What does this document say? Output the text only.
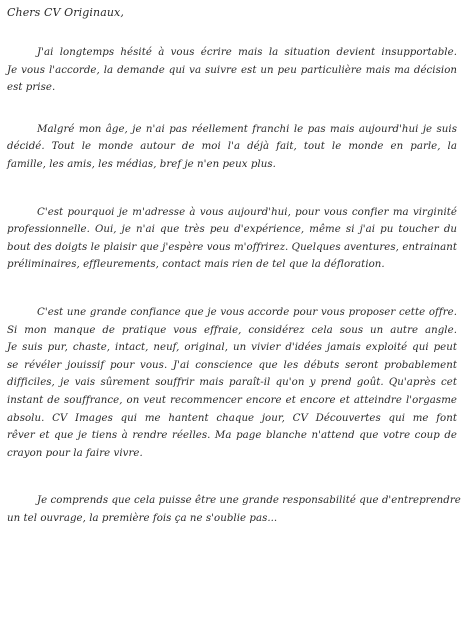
Chers CV Originaux,
J'ai longtemps hésité à vous écrire mais la situation devient insupportable.
Je vous l'accorde, la demande qui va suivre est un peu particulière mais ma décision
est prise.
Malgré mon âge, je n'ai pas réellement franchi le pas mais aujourd'hui je suis
décidé. Tout le monde autour de moi l'a déjà fait, tout le monde en parle, la
famille, les amis, les médias, bref je n'en peux plus.
C'est pourquoi je m'adresse à vous aujourd'hui, pour vous confier ma virginité
professionnelle. Oui, je n'ai que très peu d'expérience, même si j'ai pu toucher du
bout des doigts le plaisir que j'espère vous m'offrirez. Quelques aventures, entrainant
préliminaires, effleurements, contact mais rien de tel que la défloration.
C'est une grande confiance que je vous accorde pour vous proposer cette offre.
Si mon manque de pratique vous effraie, considérez cela sous un autre angle.
Je suis pur, chaste, intact, neuf, original, un vivier d'idées jamais exploité qui peut
se révéler jouissif pour vous. J'ai conscience que les débuts seront probablement
difficiles, je vais sûrement souffrir mais paraît-il qu'on y prend goût. Qu'après cet
instant de souffrance, on veut recommencer encore et encore et atteindre l'orgasme
absolu. CV Images qui me hantent chaque jour, CV Découvertes qui me font
rêver et que je tiens à rendre réelles. Ma page blanche n'attend que votre coup de
crayon pour la faire vivre.
Je comprends que cela puisse être une grande responsabilité que d'entreprendre
un tel ouvrage, la première fois ça ne s'oublie pas...
